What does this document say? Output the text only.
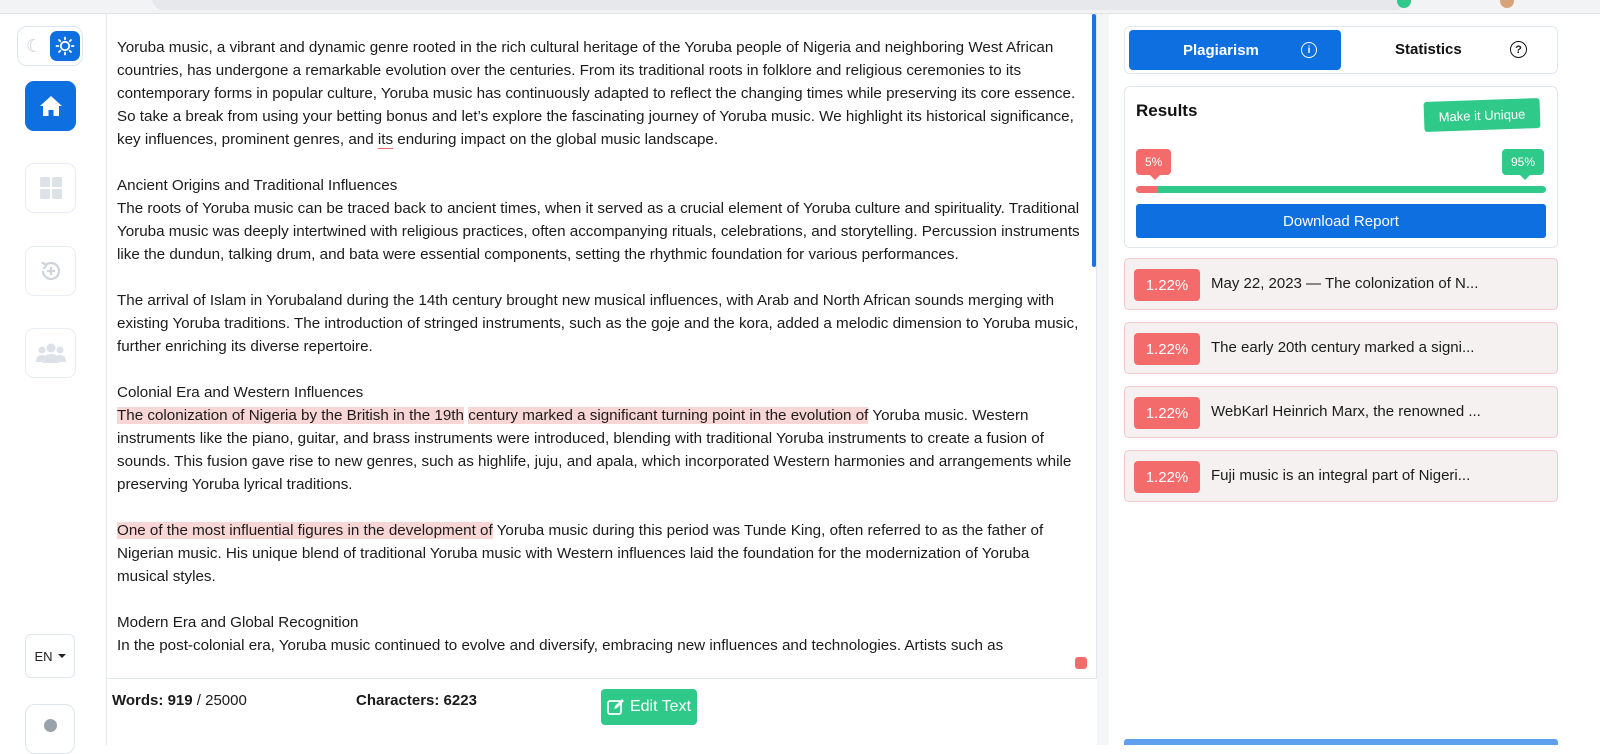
☾
EN

Yoruba music, a vibrant and dynamic genre rooted in the rich cultural heritage of the Yoruba people of Nigeria and neighboring West African countries, has undergone a remarkable evolution over the centuries. From its traditional roots in folklore and religious ceremonies to its contemporary forms in popular culture, Yoruba music has continuously adapted to reflect the changing times while preserving its core essence. So take a break from using your betting bonus and let’s explore the fascinating journey of Yoruba music. We highlight its historical significance, key influences, prominent genres, and its enduring impact on the global music landscape.

Ancient Origins and Traditional Influences
The roots of Yoruba music can be traced back to ancient times, when it served as a crucial element of Yoruba culture and spirituality. Traditional Yoruba music was deeply intertwined with religious practices, often accompanying rituals, celebrations, and storytelling. Percussion instruments like the dundun, talking drum, and bata were essential components, setting the rhythmic foundation for various performances.

The arrival of Islam in Yorubaland during the 14th century brought new musical influences, with Arab and North African sounds merging with existing Yoruba traditions. The introduction of stringed instruments, such as the goje and the kora, added a melodic dimension to Yoruba music, further enriching its diverse repertoire.

Colonial Era and Western Influences
The colonization of Nigeria by the British in the 19th century marked a significant turning point in the evolution of Yoruba music. Western instruments like the piano, guitar, and brass instruments were introduced, blending with traditional Yoruba instruments to create a fusion of sounds. This fusion gave rise to new genres, such as highlife, juju, and apala, which incorporated Western harmonies and arrangements while preserving Yoruba lyrical traditions.

One of the most influential figures in the development of Yoruba music during this period was Tunde King, often referred to as the father of Nigerian music. His unique blend of traditional Yoruba music with Western influences laid the foundation for the modernization of Yoruba musical styles.

Modern Era and Global Recognition
In the post-colonial era, Yoruba music continued to evolve and diversify, embracing new influences and technologies. Artists such as

Words: 919 / 25000	Characters: 6223	Edit Text
Plagiarism	i	Statistics	?
Results	Make it Unique
5%	95%
Download Report
1.22%	May 22, 2023 — The colonization of N...
1.22%	The early 20th century marked a signi...
1.22%	WebKarl Heinrich Marx, the renowned ...
1.22%	Fuji music is an integral part of Nigeri...
